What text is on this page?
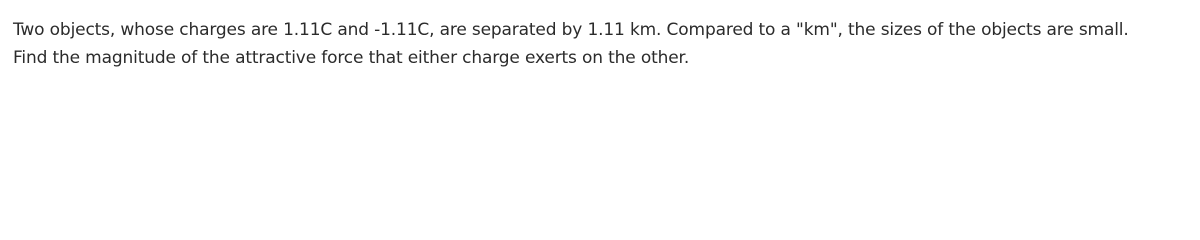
Two objects, whose charges are 1.11C and -1.11C, are separated by 1.11 km. Compared to a "km", the sizes of the objects are small.
Find the magnitude of the attractive force that either charge exerts on the other.
